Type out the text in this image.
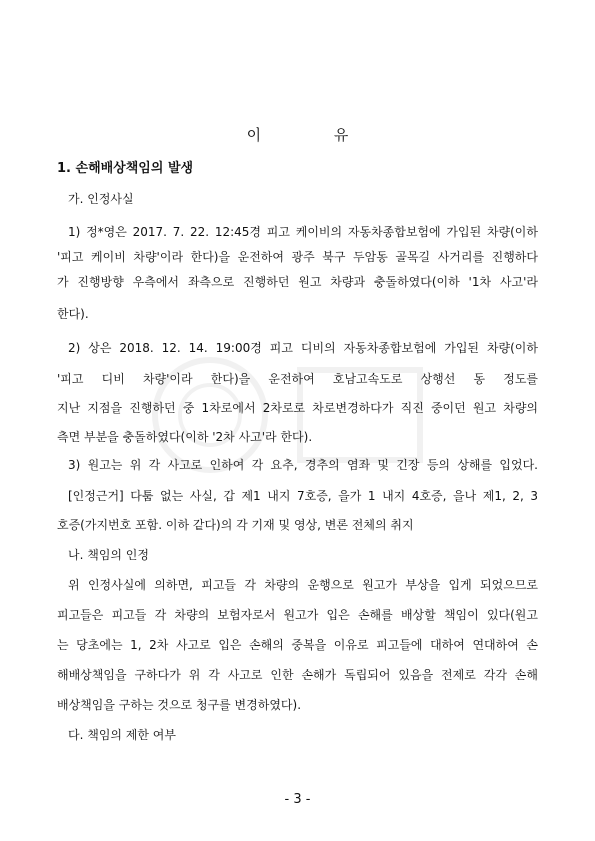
이 유
1. 손해배상책임의 발생
가. 인정사실
1) 정*영은 2017. 7. 22. 12:45경 피고 케이비의 자동차종합보험에 가입된 차량(이하
'피고 케이비 차량'이라 한다)을 운전하여 광주 북구 두암동 골목길 사거리를 진행하다
가 진행방향 우측에서 좌측으로 진행하던 원고 차량과 충돌하였다(이하 '1차 사고'라
한다).
2) 상은 2018. 12. 14. 19:00경 피고 디비의 자동차종합보험에 가입된 차량(이하
'피고 디비 차량'이라 한다)을 운전하여 호남고속도로 상행선 동 정도를
지난 지점을 진행하던 중 1차로에서 2차로로 차로변경하다가 직진 중이던 원고 차량의
측면 부분을 충돌하였다(이하 '2차 사고'라 한다).
3) 원고는 위 각 사고로 인하여 각 요추, 경추의 염좌 및 긴장 등의 상해를 입었다.
[인정근거] 다툼 없는 사실, 갑 제1 내지 7호증, 을가 1 내지 4호증, 을나 제1, 2, 3
호증(가지번호 포함. 이하 같다)의 각 기재 및 영상, 변론 전체의 취지
나. 책임의 인정
위 인정사실에 의하면, 피고들 각 차량의 운행으로 원고가 부상을 입게 되었으므로
피고들은 피고들 각 차량의 보험자로서 원고가 입은 손해를 배상할 책임이 있다(원고
는 당초에는 1, 2차 사고로 입은 손해의 중복을 이유로 피고들에 대하여 연대하여 손
해배상책임을 구하다가 위 각 사고로 인한 손해가 독립되어 있음을 전제로 각각 손해
배상책임을 구하는 것으로 청구를 변경하였다).
다. 책임의 제한 여부
- 3 -
